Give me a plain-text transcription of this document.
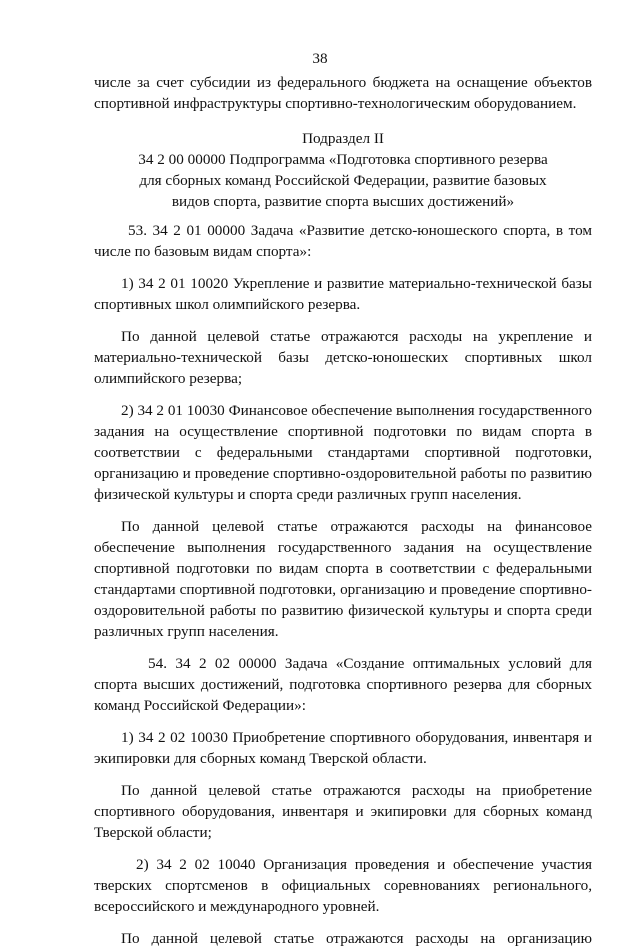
38
числе за счет субсидии из федерального бюджета на оснащение объектов
спортивной инфраструктуры спортивно-технологическим оборудованием.
Подраздел II
34 2 00 00000 Подпрограмма «Подготовка спортивного резерва
для сборных команд Российской Федерации, развитие базовых
видов спорта, развитие спорта высших достижений»
53. 34 2 01 00000 Задача «Развитие детско-юношеского спорта, в том
числе по базовым видам спорта»:
1) 34 2 01 10020 Укрепление и развитие материально-технической базы
спортивных школ олимпийского резерва.
По данной целевой статье отражаются расходы на укрепление и
материально-технической базы детско-юношеских спортивных школ
олимпийского резерва;
2) 34 2 01 10030 Финансовое обеспечение выполнения государственного
задания на осуществление спортивной подготовки по видам спорта в
соответствии с федеральными стандартами спортивной подготовки,
организацию и проведение спортивно-оздоровительной работы по развитию
физической культуры и спорта среди различных групп населения.
По данной целевой статье отражаются расходы на финансовое
обеспечение выполнения государственного задания на осуществление
спортивной подготовки по видам спорта в соответствии с федеральными
стандартами спортивной подготовки, организацию и проведение спортивно-
оздоровительной работы по развитию физической культуры и спорта среди
различных групп населения.
54. 34 2 02 00000 Задача «Создание оптимальных условий для
спорта высших достижений, подготовка спортивного резерва для сборных
команд Российской Федерации»:
1) 34 2 02 10030 Приобретение спортивного оборудования, инвентаря и
экипировки для сборных команд Тверской области.
По данной целевой статье отражаются расходы на приобретение
спортивного оборудования, инвентаря и экипировки для сборных команд
Тверской области;
2) 34 2 02 10040 Организация проведения и обеспечение участия
тверских спортсменов в официальных соревнованиях регионального,
всероссийского и международного уровней.
По данной целевой статье отражаются расходы на организацию
